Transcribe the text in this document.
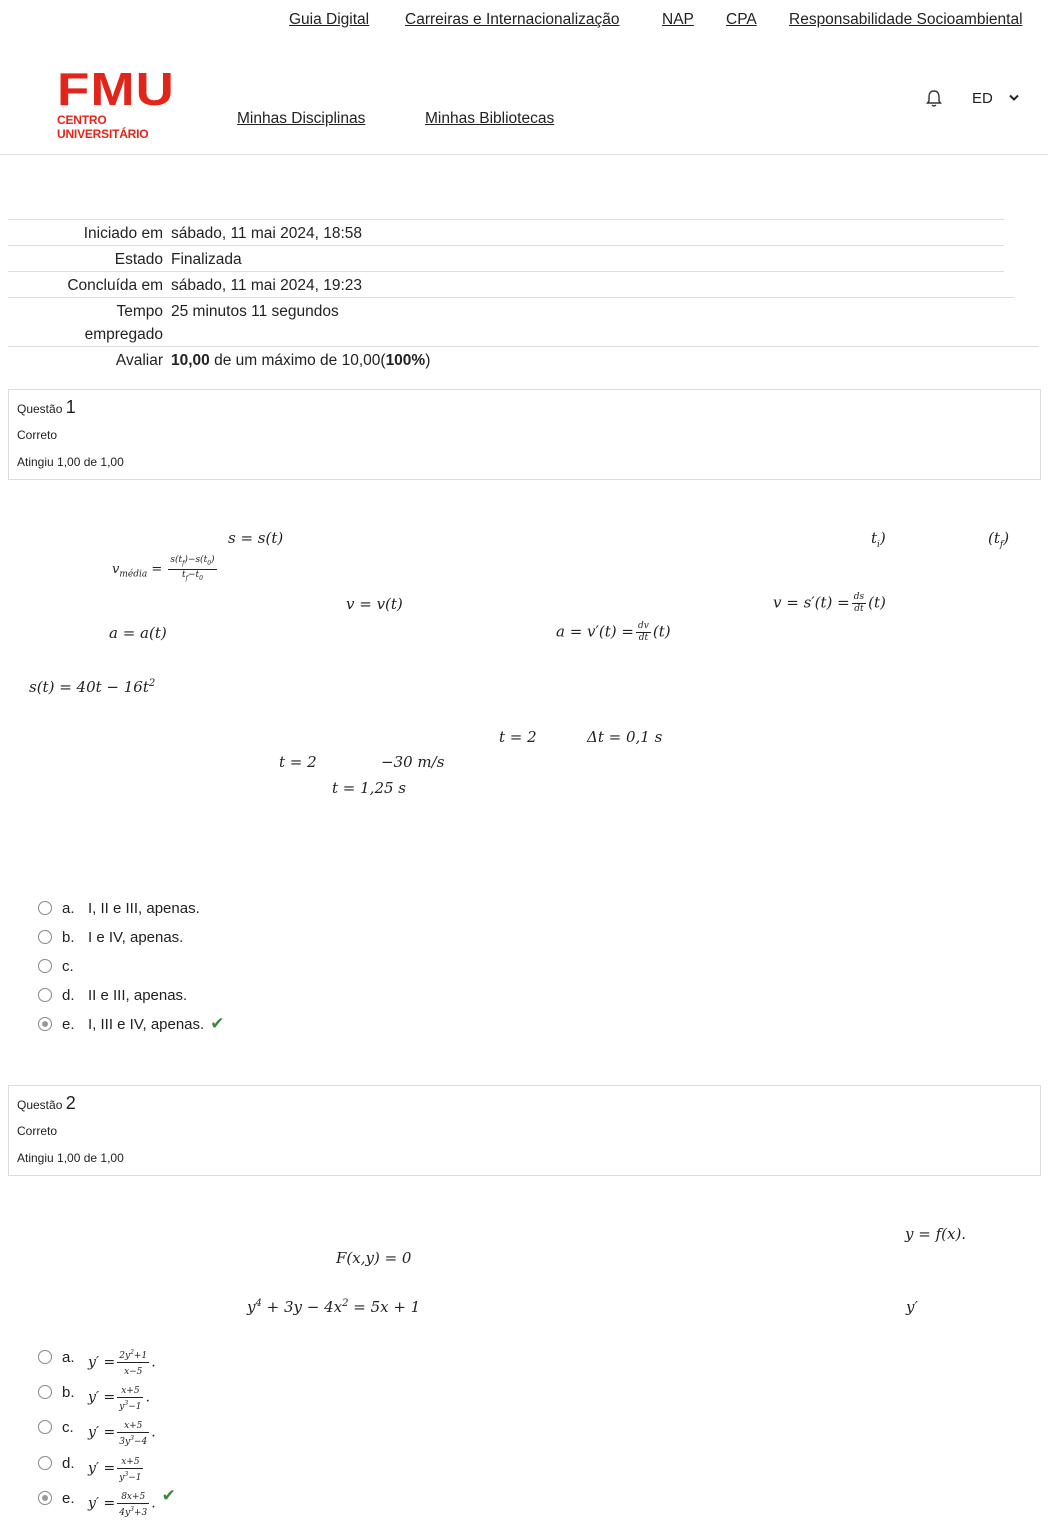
Guia Digital Carreiras e Internacionalização	NAP CPA Responsabilidade Socioambiental
FMU
CENTRO UNIVERSITÁRIO
Minhas Disciplinas	Minhas Bibliotecas
ED
Iniciado em sábado, 11 mai 2024, 18:58
Estado Finalizada
Concluída em sábado, 11 mai 2024, 19:23
Tempo
empregado
25 minutos 11 segundos
Avaliar 10,00 de um máximo de 10,00(100%)
Questão 1
Correto
Atingiu 1,00 de 1,00
s = s(t)	$t_i$)	$(t_f)$
$v_{média} = \frac{s(t_f)-s(t_0)}{t_f-t_0}$
v = v(t)	$v = s'(t) = \frac{ds}{dt} (t)$
a = a(t)	$a = v'(t) = \frac{dv}{dt} (t)$
$s(t) = 40t - 16t^2$
t = 2	Δt = 0,1 s
t = 2	−30 m/s
t = 1,25 s
a. I, II e III, apenas.
b. I e IV, apenas.
c.
d. II e III, apenas.
e. I, III e IV, apenas. ✔
Questão 2
Correto
Atingiu 1,00 de 1,00
y = f(x).
F(x,y) = 0
$y^4 + 3y - 4x^2 = 5x + 1$	y′
a. $y' = \frac{2y^2+1}{x-5}$ .
b. $y' = \frac{x+5}{y^3-1}$ .
c.	$y' = \frac{x+5}{3y^3-4}$ .
d. $y' = \frac{x+5}{y^3-1}$
e. $y' = \frac{8x+5}{4y^3+3}$ . ✔
